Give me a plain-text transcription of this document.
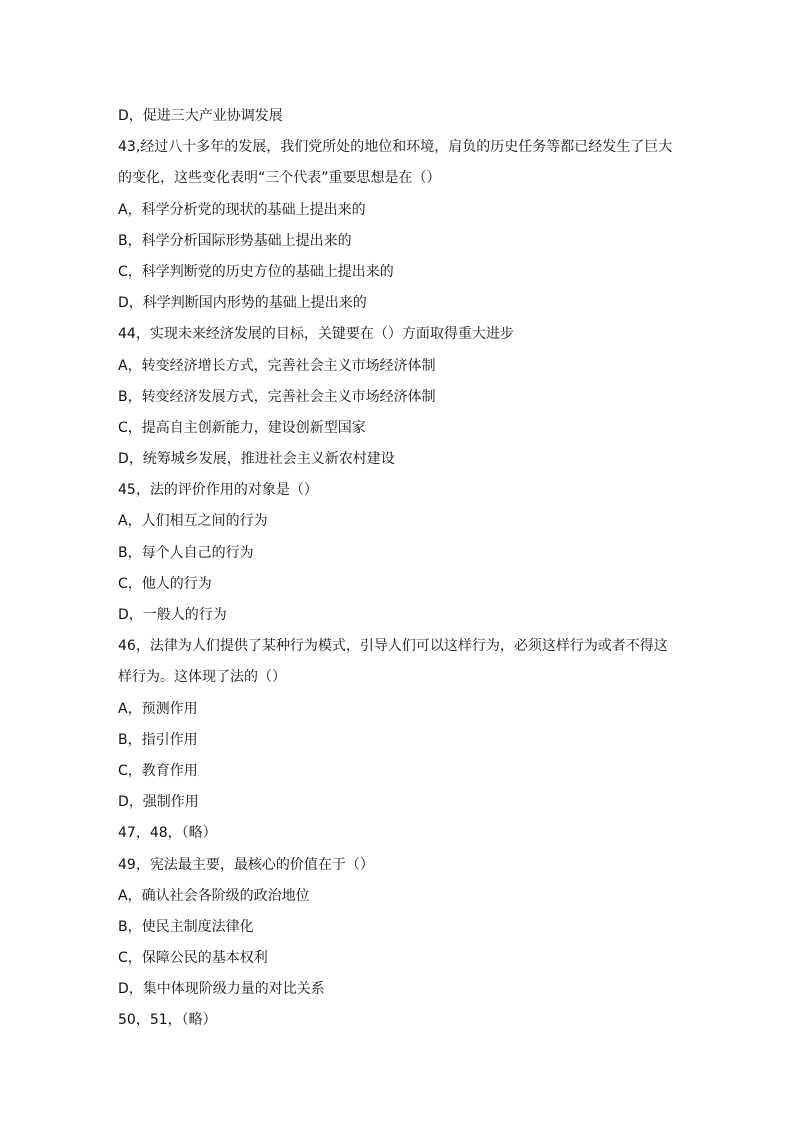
D，促进三大产业协调发展
43,经过八十多年的发展，我们党所处的地位和环境，肩负的历史任务等都已经发生了巨大
的变化，这些变化表明“三个代表”重要思想是在（）
A，科学分析党的现状的基础上提出来的
B，科学分析国际形势基础上提出来的
C，科学判断党的历史方位的基础上提出来的
D，科学判断国内形势的基础上提出来的
44，实现未来经济发展的目标，关键要在（）方面取得重大进步
A，转变经济增长方式，完善社会主义市场经济体制
B，转变经济发展方式，完善社会主义市场经济体制
C，提高自主创新能力，建设创新型国家
D，统筹城乡发展，推进社会主义新农村建设
45，法的评价作用的对象是（）
A，人们相互之间的行为
B，每个人自己的行为
C，他人的行为
D，一般人的行为
46，法律为人们提供了某种行为模式，引导人们可以这样行为，必须这样行为或者不得这
样行为。这体现了法的（）
A，预测作用
B，指引作用
C，教育作用
D，强制作用
47，48，（略）
49，宪法最主要，最核心的价值在于（）
A，确认社会各阶级的政治地位
B，使民主制度法律化
C，保障公民的基本权利
D，集中体现阶级力量的对比关系
50，51，（略）
